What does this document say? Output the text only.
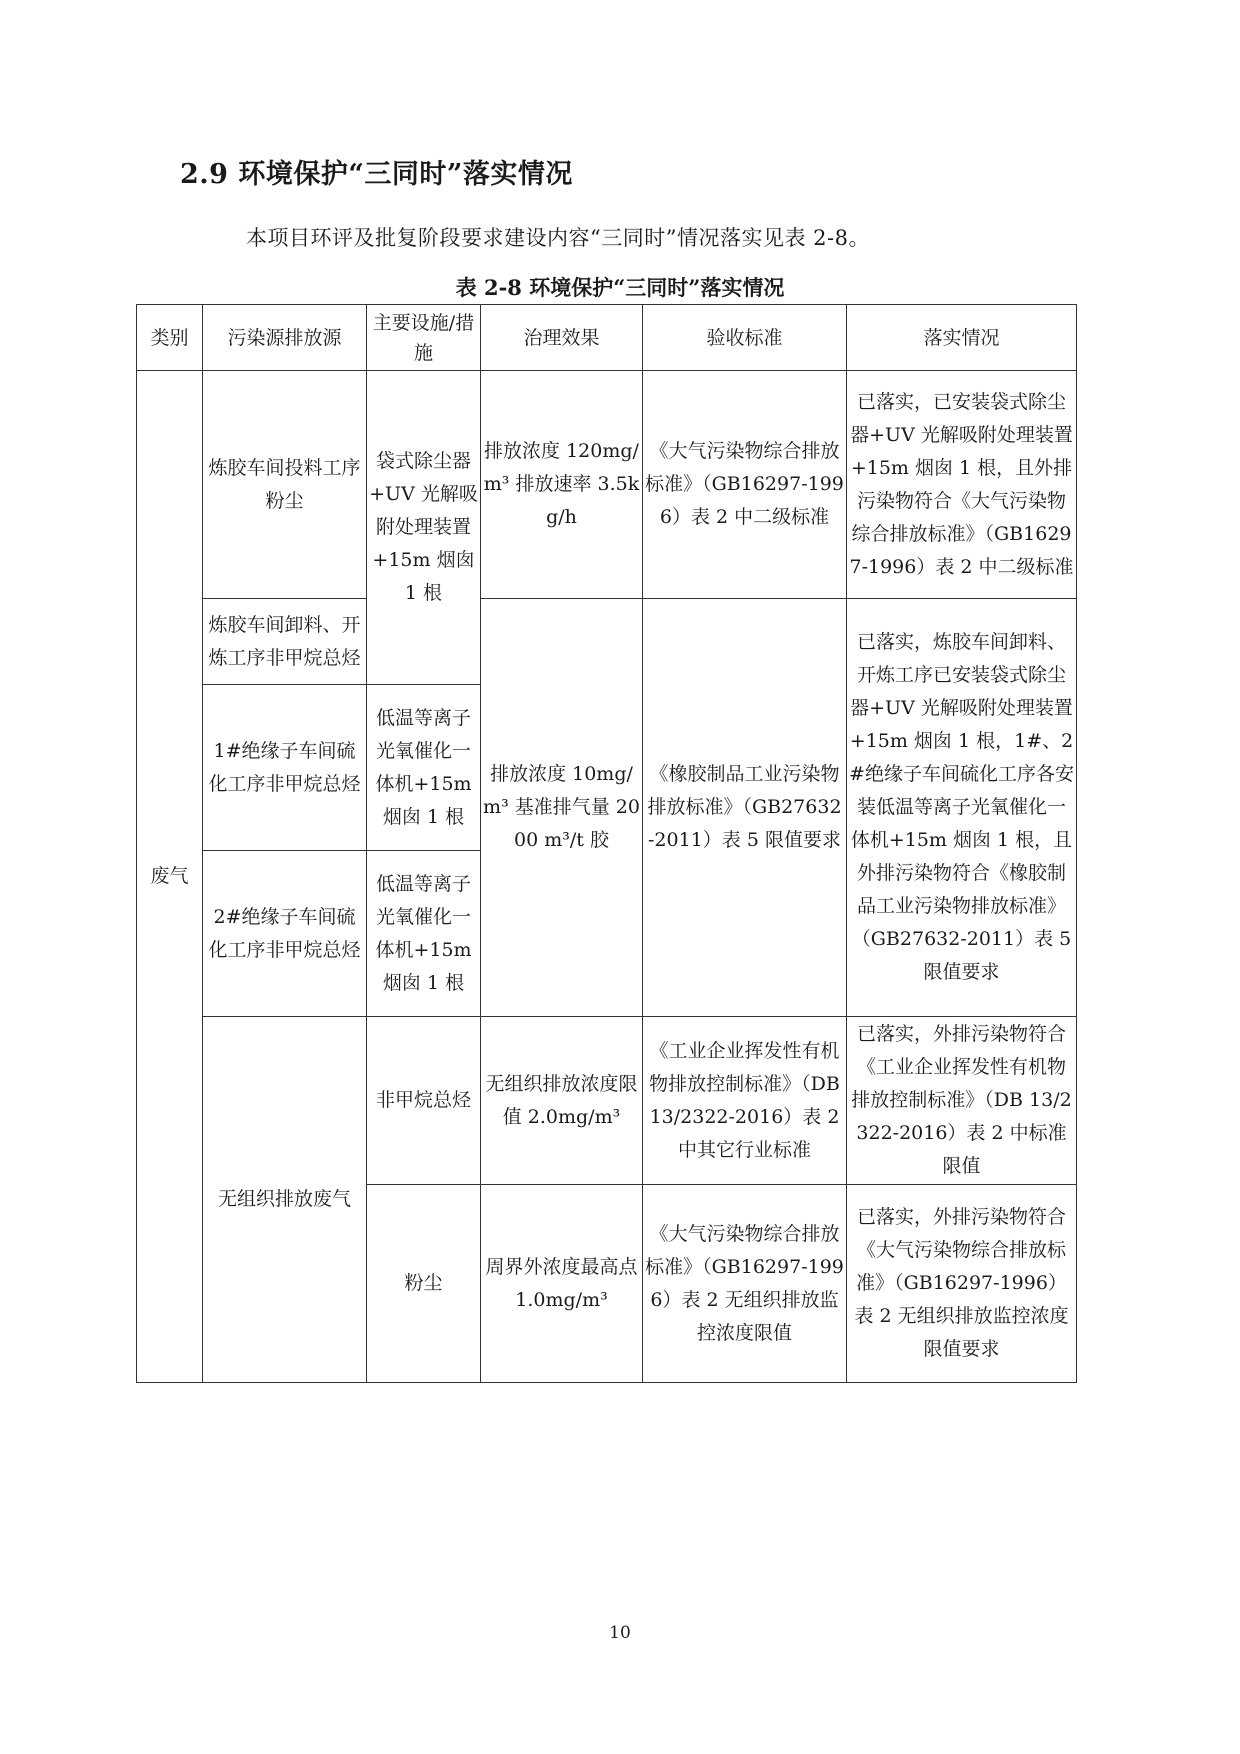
2.9 环境保护“三同时”落实情况
本项目环评及批复阶段要求建设内容“三同时”情况落实见表 2-8。
表 2-8 环境保护“三同时”落实情况
类别	污染源排放源	主要设施/措施	治理效果	验收标准	落实情况
废气	炼胶车间投料工序粉尘	袋式除尘器+UV 光解吸附处理装置+15m 烟囱 1 根	排放浓度 120mg/m³ 排放速率 3.5kg/h	《大气污染物综合排放标准》（GB16297-1996）表 2 中二级标准	已落实，已安装袋式除尘器+UV 光解吸附处理装置+15m 烟囱 1 根，且外排污染物符合《大气污染物综合排放标准》（GB16297-1996）表 2 中二级标准
	炼胶车间卸料、开炼工序非甲烷总烃		排放浓度 10mg/m³ 基准排气量 2000 m³/t 胶	《橡胶制品工业污染物排放标准》（GB27632-2011）表 5 限值要求	已落实，炼胶车间卸料、开炼工序已安装袋式除尘器+UV 光解吸附处理装置+15m 烟囱 1 根，1#、2#绝缘子车间硫化工序各安装低温等离子光氧催化一体机+15m 烟囱 1 根，且外排污染物符合《橡胶制品工业污染物排放标准》（GB27632-2011）表 5 限值要求
	1#绝缘子车间硫化工序非甲烷总烃	低温等离子光氧催化一体机+15m 烟囱 1 根			
	2#绝缘子车间硫化工序非甲烷总烃	低温等离子光氧催化一体机+15m 烟囱 1 根			
	无组织排放废气	非甲烷总烃	无组织排放浓度限值 2.0mg/m³	《工业企业挥发性有机物排放控制标准》（DB 13/2322-2016）表 2 中其它行业标准	已落实，外排污染物符合《工业企业挥发性有机物排放控制标准》（DB 13/2322-2016）表 2 中标准限值
		粉尘	周界外浓度最高点 1.0mg/m³	《大气污染物综合排放标准》（GB16297-1996）表 2 无组织排放监控浓度限值	已落实，外排污染物符合《大气污染物综合排放标准》（GB16297-1996）表 2 无组织排放监控浓度限值要求
10
